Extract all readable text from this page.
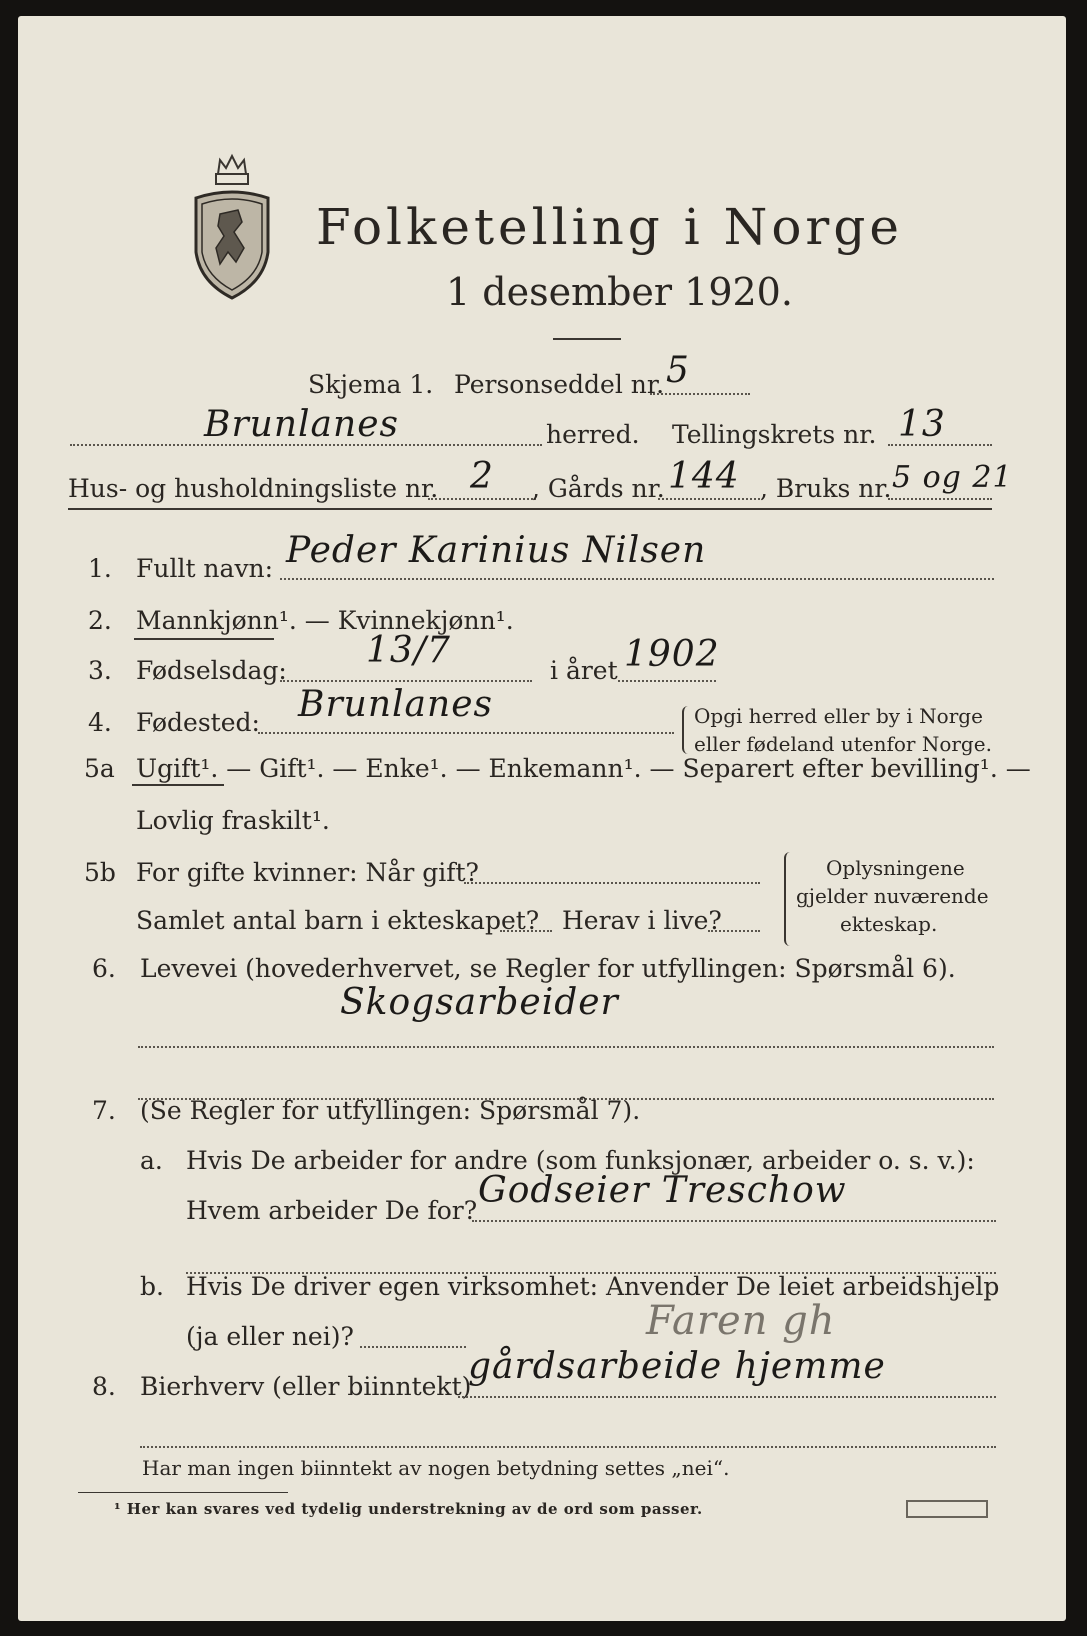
Folketelling i Norge
1 desember 1920.
Skjema 1. Personseddel nr. 5
Brunlanes	herred. Tellingskrets nr. 13
Hus- og husholdningsliste nr. 2 , Gårds nr. 144 , Bruks nr. 5 og 21
1. Fullt navn: Peder Karinius Nilsen
2. Mannkjønn¹. — Kvinnekjønn¹.
3. Fødselsdag: 13/7	i året 1902
4. Fødested: Brunlanes	Opgi herred eller by i Norge
eller fødeland utenfor Norge.
5a Ugift¹. — Gift¹. — Enke¹. — Enkemann¹. — Separert efter bevilling¹. —
Lovlig fraskilt¹.
5b For gifte kvinner: Når gift?
Samlet antal barn i ekteskapet? Herav i live?
Oplysningene
gjelder nuværende
ekteskap.
6. Levevei (hovederhvervet, se Regler for utfyllingen: Spørsmål 6).
Skogsarbeider
7. (Se Regler for utfyllingen: Spørsmål 7).
a. Hvis De arbeider for andre (som funksjonær, arbeider o. s. v.):
Hvem arbeider De for? Godseier Treschow
b. Hvis De driver egen virksomhet: Anvender De leiet arbeidshjelp
(ja eller nei)?	Faren gh
8. Bierhverv (eller biinntekt)
gårdsarbeide hjemme
Har man ingen biinntekt av nogen betydning settes „nei“.
¹ Her kan svares ved tydelig understrekning av de ord som passer.
